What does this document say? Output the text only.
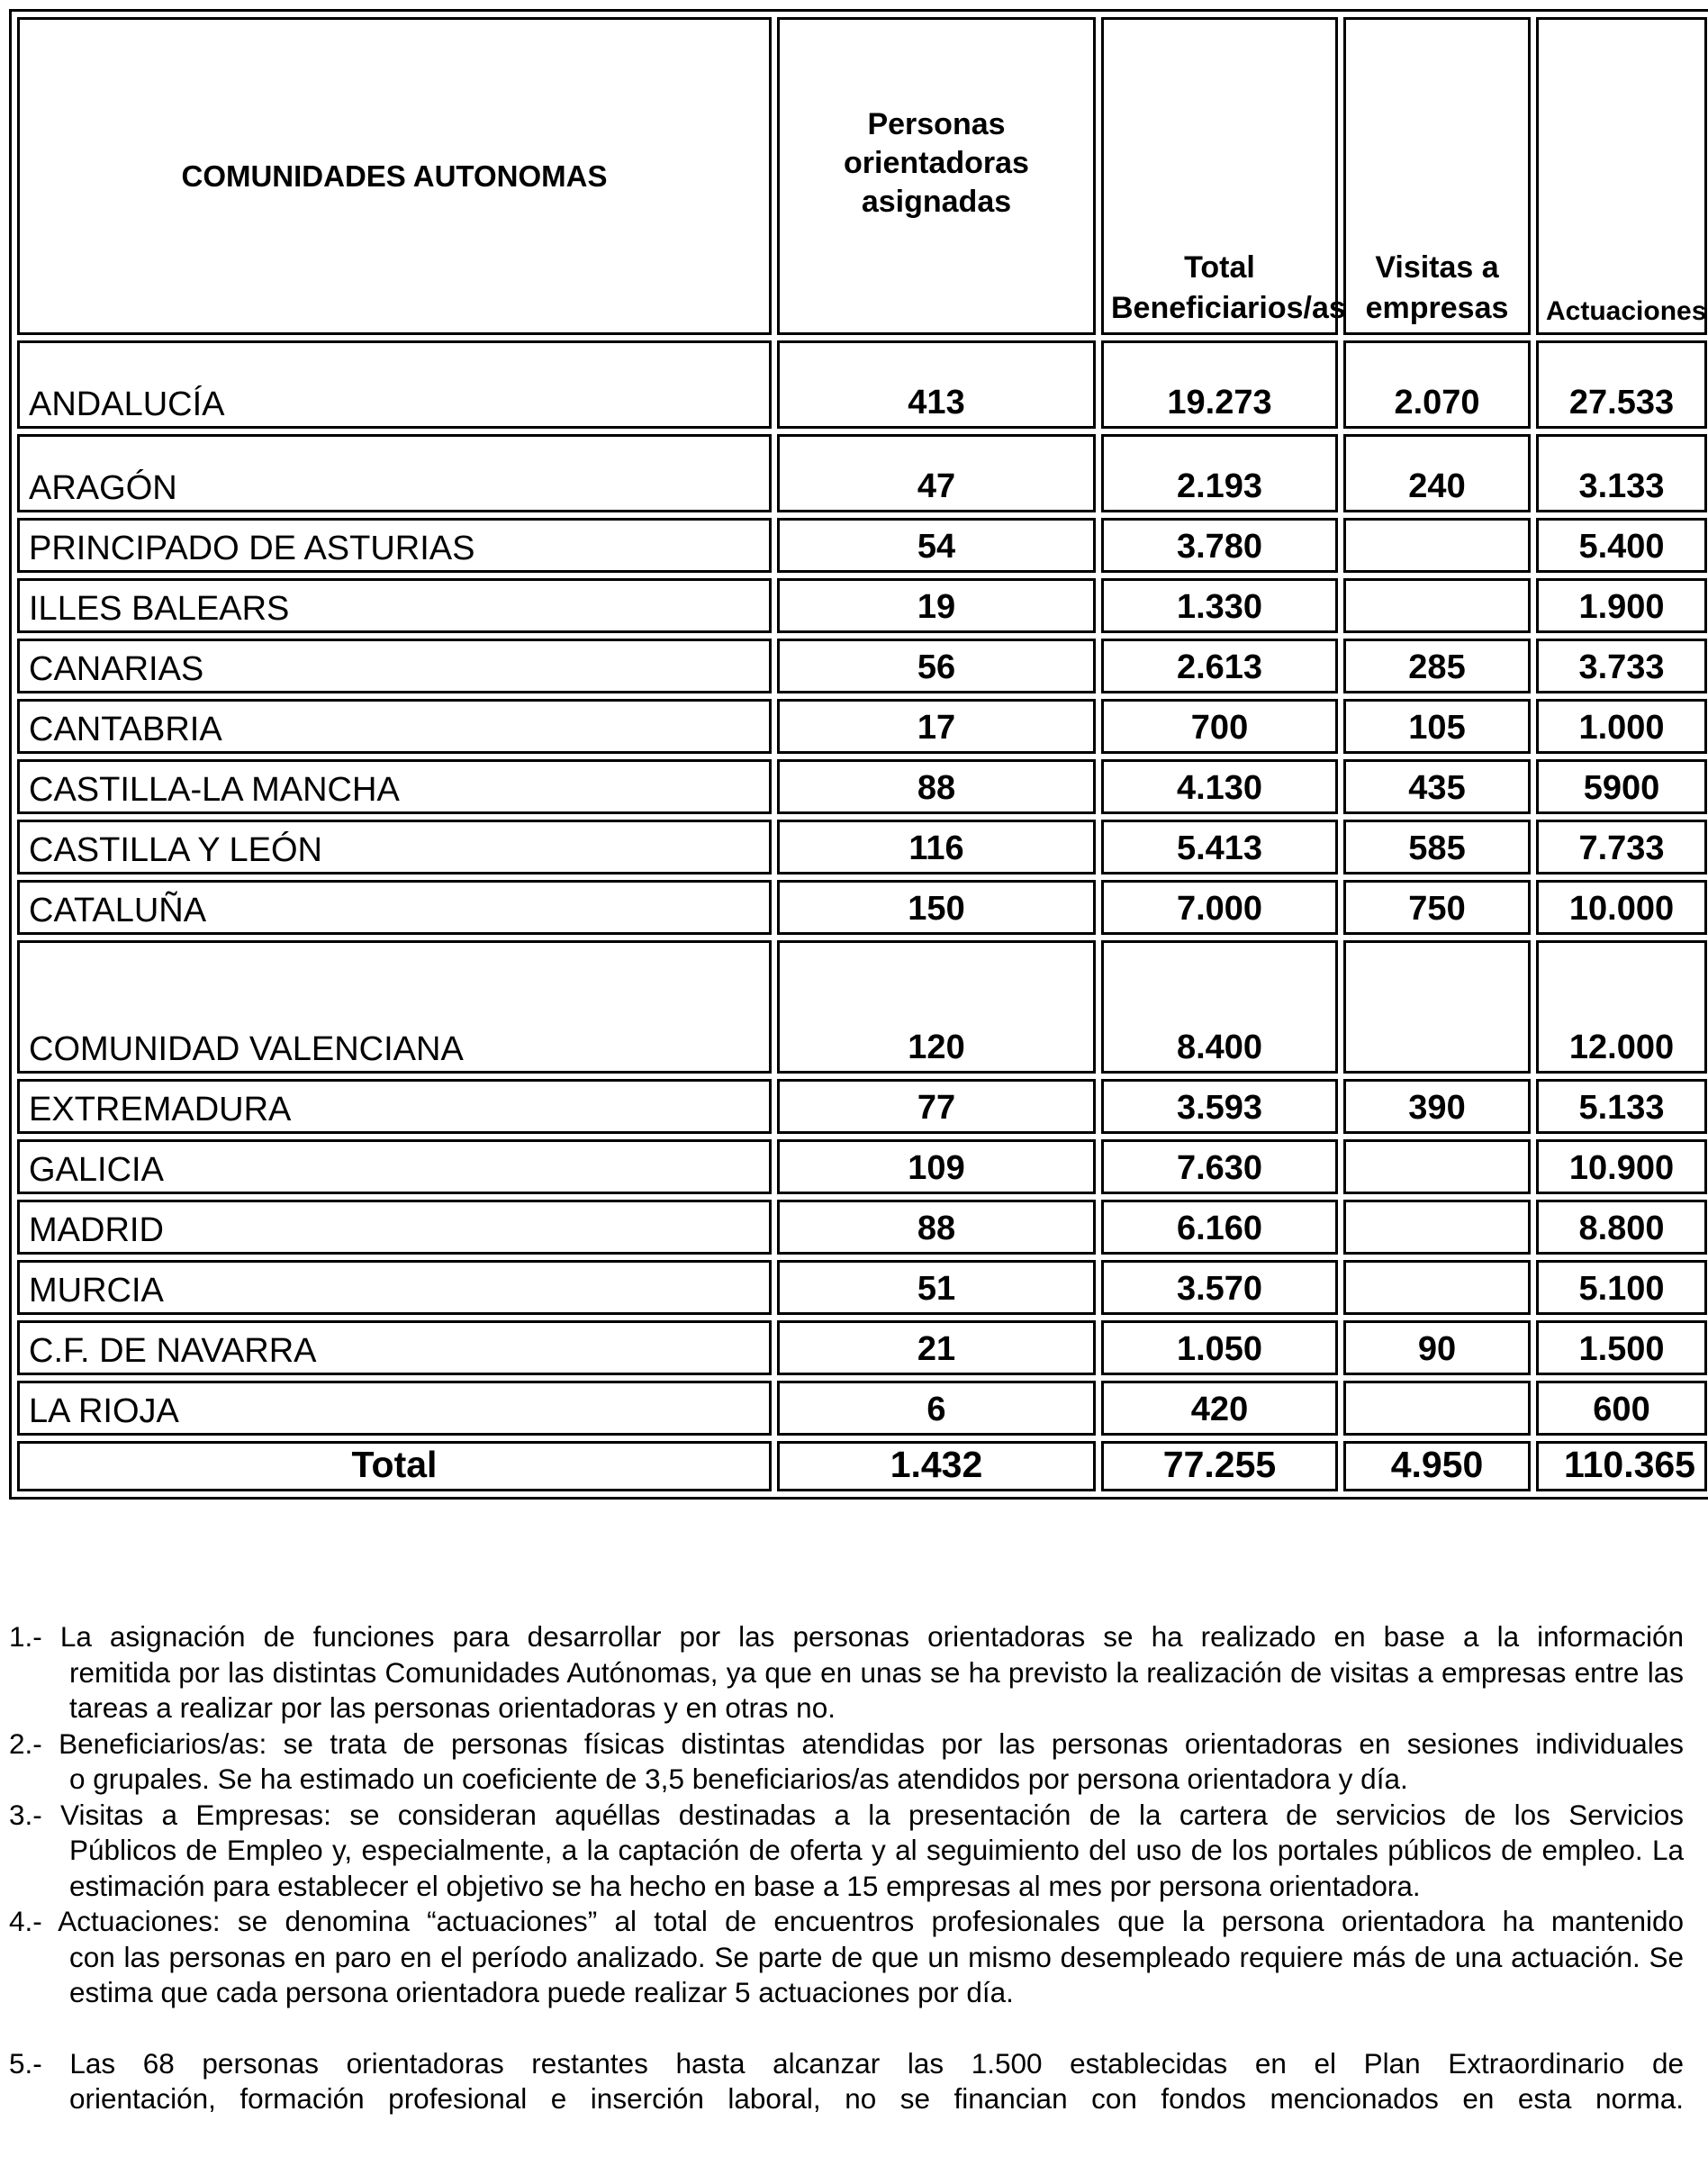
COMUNIDADES AUTONOMAS	Personas orientadoras asignadas	Total Beneficiarios/as	Visitas a empresas	Actuaciones
ANDALUCÍA	413	19.273	2.070	27.533
ARAGÓN	47	2.193	240	3.133
PRINCIPADO DE ASTURIAS	54	3.780		5.400
ILLES BALEARS	19	1.330		1.900
CANARIAS	56	2.613	285	3.733
CANTABRIA	17	700	105	1.000
CASTILLA-LA MANCHA	88	4.130	435	5900
CASTILLA Y LEÓN	116	5.413	585	7.733
CATALUÑA	150	7.000	750	10.000
COMUNIDAD VALENCIANA	120	8.400		12.000
EXTREMADURA	77	3.593	390	5.133
GALICIA	109	7.630		10.900
MADRID	88	6.160		8.800
MURCIA	51	3.570		5.100
C.F. DE NAVARRA	21	1.050	90	1.500
LA RIOJA	6	420		600
Total	1.432	77.255	4.950	110.365
1.- La asignación de funciones para desarrollar por las personas orientadoras se ha realizado en base a la información
remitida por las distintas Comunidades Autónomas, ya que en unas se ha previsto la realización de visitas a empresas entre las tareas a realizar por las personas orientadoras y en otras no.
2.- Beneficiarios/as: se trata de personas físicas distintas atendidas por las personas orientadoras en sesiones individuales
o grupales. Se ha estimado un coeficiente de 3,5 beneficiarios/as atendidos por persona orientadora y día.
3.- Visitas a Empresas: se consideran aquéllas destinadas a la presentación de la cartera de servicios de los Servicios
Públicos de Empleo y, especialmente, a la captación de oferta y al seguimiento del uso de los portales públicos de empleo. La estimación para establecer el objetivo se ha hecho en base a 15 empresas al mes por persona orientadora.
4.- Actuaciones: se denomina “actuaciones” al total de encuentros profesionales que la persona orientadora ha mantenido
con las personas en paro en el período analizado. Se parte de que un mismo desempleado requiere más de una actuación. Se estima que cada persona orientadora puede realizar 5 actuaciones por día.
5.- Las 68 personas orientadoras restantes hasta alcanzar las 1.500 establecidas en el Plan Extraordinario de
orientación, formación profesional e inserción laboral, no se financian con fondos mencionados en esta norma.
